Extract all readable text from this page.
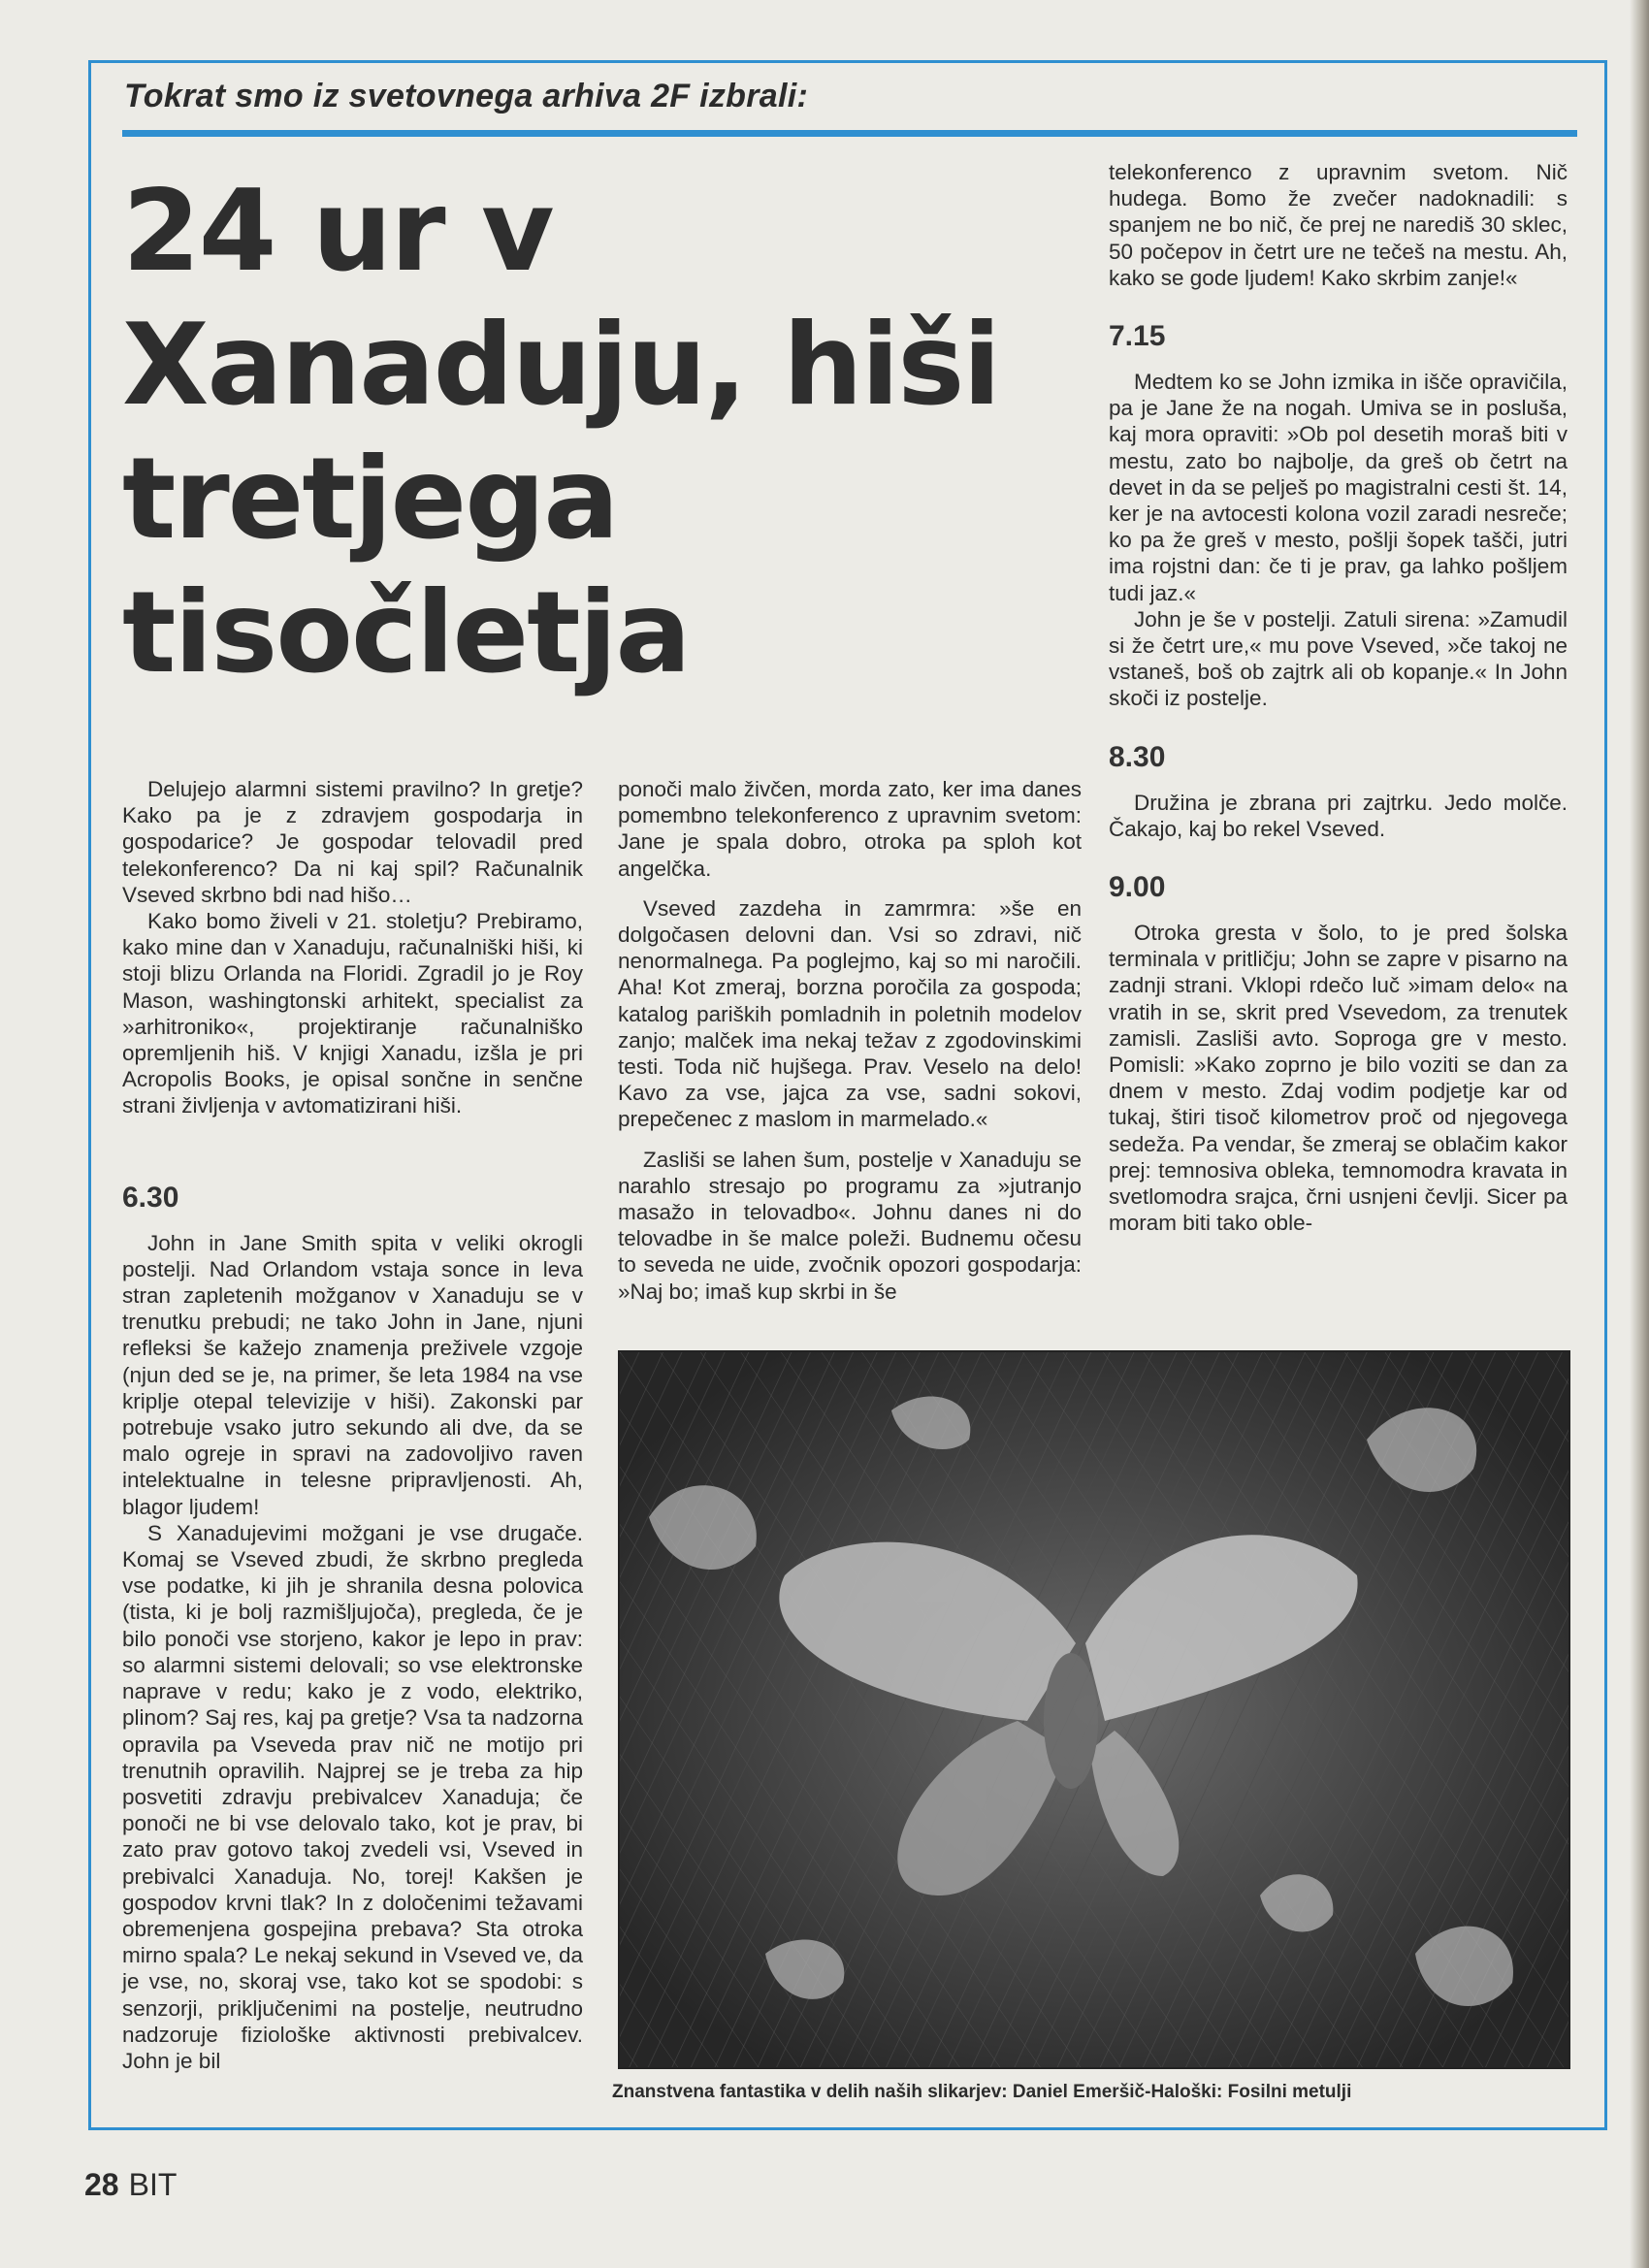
Tokrat smo iz svetovnega arhiva 2F izbrali:
24 ur v Xanaduju, hiši tretjega tisočletja

Delujejo alarmni sistemi pravilno? In gretje? Kako pa je z zdravjem gospodarja in gospodarice? Je gospodar telovadil pred telekonferenco? Da ni kaj spil? Računalnik Vseved skrbno bdi nad hišo…

Kako bomo živeli v 21. stoletju? Prebiramo, kako mine dan v Xanaduju, računalniški hiši, ki stoji blizu Orlanda na Floridi. Zgradil jo je Roy Mason, washingtonski arhitekt, specialist za »arhitroniko«, projektiranje računalniško opremljenih hiš. V knjigi Xanadu, izšla je pri Acropolis Books, je opisal sončne in senčne strani življenja v avtomatizirani hiši.

6.30

John in Jane Smith spita v veliki okrogli postelji. Nad Orlandom vstaja sonce in leva stran zapletenih možganov v Xanaduju se v trenutku prebudi; ne tako John in Jane, njuni refleksi še kažejo znamenja preživele vzgoje (njun ded se je, na primer, še leta 1984 na vse kriplje otepal televizije v hiši). Zakonski par potrebuje vsako jutro sekundo ali dve, da se malo ogreje in spravi na zadovoljivo raven intelektualne in telesne pripravljenosti. Ah, blagor ljudem!

S Xanadujevimi možgani je vse drugače. Komaj se Vseved zbudi, že skrbno pregleda vse podatke, ki jih je shranila desna polovica (tista, ki je bolj razmišljujoča), pregleda, če je bilo ponoči vse storjeno, kakor je lepo in prav: so alarmni sistemi delovali; so vse elektronske naprave v redu; kako je z vodo, elektriko, plinom? Saj res, kaj pa gretje? Vsa ta nadzorna opravila pa Vseveda prav nič ne motijo pri trenutnih opravilih. Najprej se je treba za hip posvetiti zdravju prebivalcev Xanaduja; če ponoči ne bi vse delovalo tako, kot je prav, bi zato prav gotovo takoj zvedeli vsi, Vseved in prebivalci Xanaduja. No, torej! Kakšen je gospodov krvni tlak? In z določenimi težavami obremenjena gospejina prebava? Sta otroka mirno spala? Le nekaj sekund in Vseved ve, da je vse, no, skoraj vse, tako kot se spodobi: s senzorji, priključenimi na postelje, neutrudno nadzoruje fiziološke aktivnosti prebivalcev. John je bil

ponoči malo živčen, morda zato, ker ima danes pomembno telekonferenco z upravnim svetom: Jane je spala dobro, otroka pa sploh kot angelčka.

Vseved zazdeha in zamrmra: »še en dolgočasen delovni dan. Vsi so zdravi, nič nenormalnega. Pa poglejmo, kaj so mi naročili. Aha! Kot zmeraj, borzna poročila za gospoda; katalog pariških pomladnih in poletnih modelov zanjo; malček ima nekaj težav z zgodovinskimi testi. Toda nič hujšega. Prav. Veselo na delo! Kavo za vse, jajca za vse, sadni sokovi, prepečenec z maslom in marmelado.«

Zasliši se lahen šum, postelje v Xanaduju se narahlo stresajo po programu za »jutranjo masažo in telovadbo«. Johnu danes ni do telovadbe in še malce poleži. Budnemu očesu to seveda ne uide, zvočnik opozori gospodarja: »Naj bo; imaš kup skrbi in še

telekonferenco z upravnim svetom. Nič hudega. Bomo že zvečer nadoknadili: s spanjem ne bo nič, če prej ne narediš 30 sklec, 50 počepov in četrt ure ne tečeš na mestu. Ah, kako se gode ljudem! Kako skrbim zanje!«

7.15

Medtem ko se John izmika in išče opravičila, pa je Jane že na nogah. Umiva se in posluša, kaj mora opraviti: »Ob pol desetih moraš biti v mestu, zato bo najbolje, da greš ob četrt na devet in da se pelješ po magistralni cesti št. 14, ker je na avtocesti kolona vozil zaradi nesreče; ko pa že greš v mesto, pošlji šopek tašči, jutri ima rojstni dan: če ti je prav, ga lahko pošljem tudi jaz.«

John je še v postelji. Zatuli sirena: »Zamudil si že četrt ure,« mu pove Vseved, »če takoj ne vstaneš, boš ob zajtrk ali ob kopanje.« In John skoči iz postelje.

8.30

Družina je zbrana pri zajtrku. Jedo molče. Čakajo, kaj bo rekel Vseved.

9.00

Otroka gresta v šolo, to je pred šolska terminala v pritličju; John se zapre v pisarno na zadnji strani. Vklopi rdečo luč »imam delo« na vratih in se, skrit pred Vsevedom, za trenutek zamisli. Zasliši avto. Soproga gre v mesto. Pomisli: »Kako zoprno je bilo voziti se dan za dnem v mesto. Zdaj vodim podjetje kar od tukaj, štiri tisoč kilometrov proč od njegovega sedeža. Pa vendar, še zmeraj se oblačim kakor prej: temnosiva obleka, temnomodra kravata in svetlomodra srajca, črni usnjeni čevlji. Sicer pa moram biti tako oble-

Znanstvena fantastika v delih naših slikarjev: Daniel Emeršič-Haloški: Fosilni metulji
28 BIT
